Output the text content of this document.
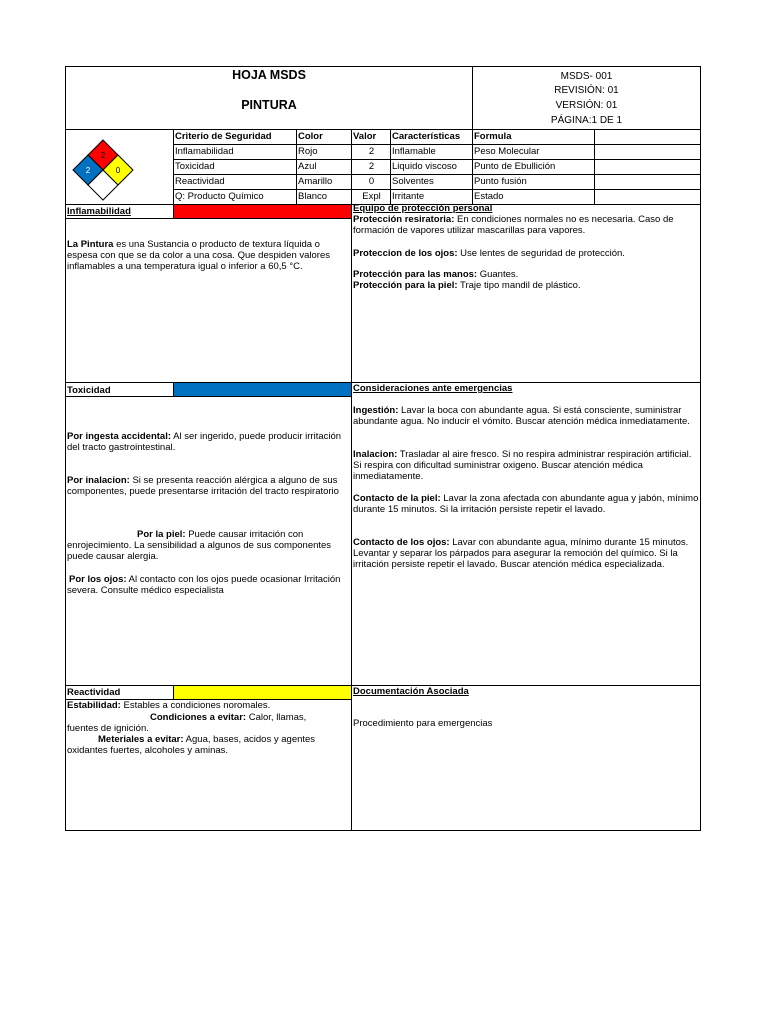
HOJA MSDS
PINTURA
MSDS- 001
REVISIÓN: 01
VERSIÓN: 01
PÁGINA:1 DE 1
2
2	0
Criterio de Seguridad	Color	Valor	Características	Formula
Inflamabilidad	Rojo	2	Inflamable	Peso Molecular
Toxicidad	Azul	2	Liquido viscoso	Punto de Ebullición
Reactividad	Amarillo	0	Solventes	Punto fusión
Q: Producto Químico	Blanco	Expl	Irritante	Estado
Inflamabilidad
La Pintura es una Sustancia o producto de textura líquida o espesa con que se da color a una cosa. Que despiden valores inflamables a una temperatura igual o inferior a 60,5 °C.
Equipo de protección personal
Protección resiratoria: En condiciones normales no es necesaria. Caso de formación de vapores utilizar mascarillas para vapores.
Proteccion de los ojos: Use lentes de seguridad de protección.
Protección para las manos: Guantes.
Protección para la piel: Traje tipo mandil de plástico.
Toxicidad
Por ingesta accidental: Al ser ingerido, puede producir irritación del tracto gastrointestinal.
Por inalacion: Si se presenta reacción alérgica a alguno de sus componentes, puede presentarse irritación del tracto respiratorio
Por la piel: Puede causar irritación con enrojecimiento. La sensibilidad a algunos de sus componentes puede causar alergia.
Por los ojos: Al contacto con los ojos puede ocasionar Irritación severa. Consulte médico especialista
Consideraciones ante emergencias
Ingestión: Lavar la boca con abundante agua. Si está consciente, suministrar abundante agua. No inducir el vómito. Buscar atención médica inmediatamente.
Inalacion: Trasladar al aire fresco. Si no respira administrar respiración artificial. Si respira con dificultad suministrar oxigeno. Buscar atención médica inmediatamente.
Contacto de la piel: Lavar la zona afectada con abundante agua y jabón, mínimo durante 15 minutos. Si la irritación persiste repetir el lavado.
Contacto de los ojos: Lavar con abundante agua, mínimo durante 15 minutos. Levantar y separar los párpados para asegurar la remoción del químico. Si la irritación persiste repetir el lavado. Buscar atención médica especializada.
Reactividad
Estabilidad: Estables a condiciones noromales.
Condiciones a evitar: Calor, llamas, fuentes de ignición.
Meteriales a evitar: Agua, bases, acidos y agentes oxidantes fuertes, alcoholes y aminas.
Documentación Asociada
Procedimiento para emergencias
